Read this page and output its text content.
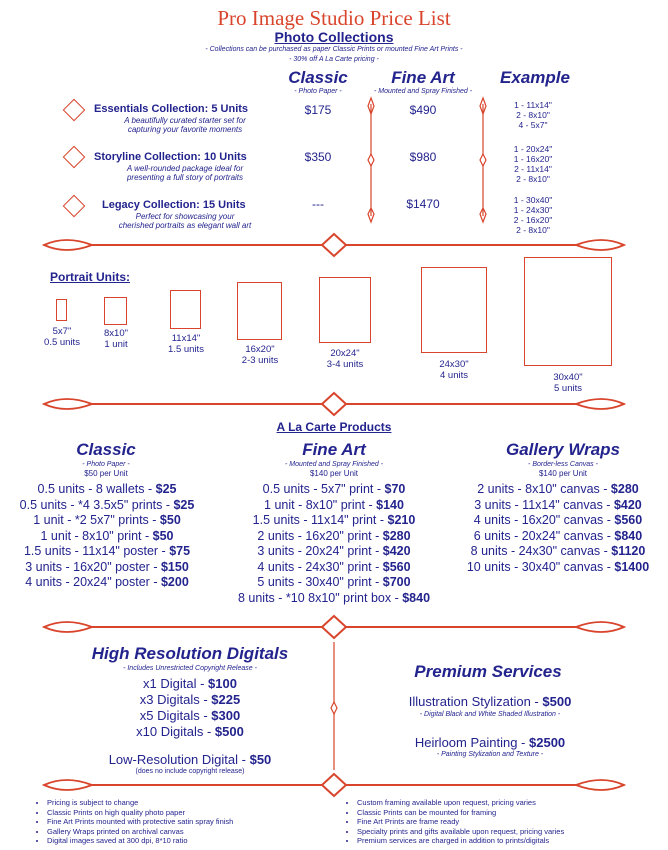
Pro Image Studio Price List
Photo Collections
- Collections can be purchased as paper Classic Prints or mounted Fine Art Prints -
- 30% off A La Carte pricing -
Classic
- Photo Paper -
Fine Art
- Mounted and Spray Finished -
Example
Essentials Collection: 5 Units
A beautifully curated starter set for
capturing your favorite moments
$175	$490	1 - 11x14"
2 - 8x10"
4 - 5x7"
Storyline Collection: 10 Units
A well-rounded package ideal for
presenting a full story of portraits
$350	$980
1 - 20x24"
1 - 16x20"
2 - 11x14"
2 - 8x10"
Legacy Collection: 15 Units
Perfect for showcasing your
cherished portraits as elegant wall art
---	$1470	1 - 30x40"
1 - 24x30"
2 - 16x20"
2 - 8x10"
Portrait Units:
5x7"
0.5 units
8x10"
1 unit
11x14"
1.5 units	16x20"
2-3 units
20x24"
3-4 units	24x30"
4 units	30x40"
5 units
A La Carte Products
Classic
- Photo Paper -
$50 per Unit
0.5 units - 8 wallets - $25
0.5 units - *4 3.5x5" prints - $25
1 unit - *2 5x7" prints - $50
1 unit - 8x10" print - $50
1.5 units - 11x14" poster - $75
3 units - 16x20" poster - $150
4 units - 20x24" poster - $200
Fine Art
- Mounted and Spray Finished -
$140 per Unit
0.5 units - 5x7" print - $70
1 unit - 8x10" print - $140
1.5 units - 11x14" print - $210
2 units - 16x20" print - $280
3 units - 20x24" print - $420
4 units - 24x30" print - $560
5 units - 30x40" print - $700
8 units - *10 8x10" print box - $840
Gallery Wraps
- Border-less Canvas -
$140 per Unit
2 units - 8x10" canvas - $280
3 units - 11x14" canvas - $420
4 units - 16x20" canvas - $560
6 units - 20x24" canvas - $840
8 units - 24x30" canvas - $1120
10 units - 30x40" canvas - $1400
High Resolution Digitals
- Includes Unrestricted Copyright Release -
x1 Digital - $100
x3 Digitals - $225
x5 Digitals - $300
x10 Digitals - $500
Low-Resolution Digital - $50
(does no include copyright release)
Premium Services
Illustration Stylization - $500
- Digital Black and White Shaded Illustration -
Heirloom Painting - $2500
- Painting Stylization and Texture -
• Pricing is subject to change
• Classic Prints on high quality photo paper
• Fine Art Prints mounted with protective satin spray finish
• Gallery Wraps printed on archival canvas
• Digital images saved at 300 dpi, 8*10 ratio
• Custom framing available upon request, pricing varies
• Classic Prints can be mounted for framing
• Fine Art Prints are frame ready
• Specialty prints and gifts available upon request, pricing varies
• Premium services are charged in addition to prints/digitals
